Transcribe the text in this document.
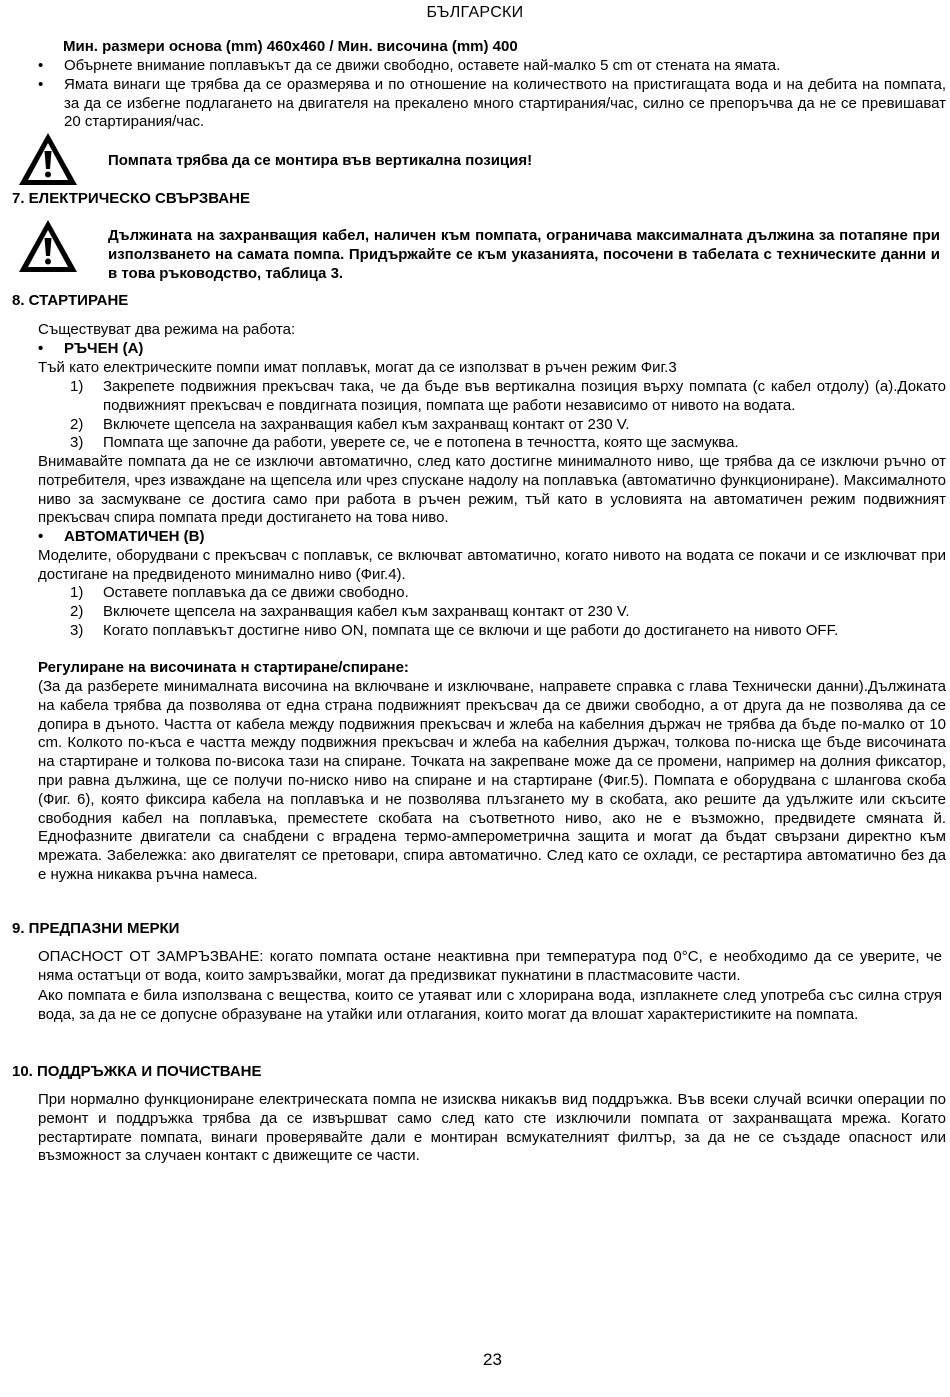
БЪЛГАРСКИ
Мин. размери основа (mm) 460x460 / Мин. височина (mm) 400
• Обърнете внимание поплавъкът да се движи свободно, оставете най-малко 5 cm от стената на ямата.

• Ямата винаги ще трябва да се оразмерява и по отношение на количеството на пристигащата вода и на дебита на помпата, за да се избегне подлагането на двигателя на прекалено много стартирания/час, силно се препоръчва да не се превишават 20 стартирания/час.

Помпата трябва да се монтира във вертикална позиция!
7. ЕЛЕКТРИЧЕСКО СВЪРЗВАНЕ
Дължината на захранващия кабел, наличен към помпата, ограничава максималната дължина за потапяне при използването на самата помпа. Придържайте се към указанията, посочени в табелата с техническите данни и в това ръководство, таблица 3.
8. СТАРТИРАНЕ
Съществуват два режима на работа:
• РЪЧЕН (A)
Тъй като електрическите помпи имат поплавък, могат да се използват в ръчен режим Фиг.3
1) Закрепете подвижния прекъсвач така, че да бъде във вертикална позиция върху помпата (с кабел отдолу) (a).Докато подвижният прекъсвач е повдигната позиция, помпата ще работи независимо от нивото на водата.

2) Включете щепсела на захранващия кабел към захранващ контакт от 230 V.

3) Помпата ще започне да работи, уверете се, че е потопена в течността, която ще засмуква.

Внимавайте помпата да не се изключи автоматично, след като достигне минималното ниво, ще трябва да се изключи ръчно от потребителя, чрез изваждане на щепсела или чрез спускане надолу на поплавъка (автоматично функциониране). Максималното ниво за засмукване се достига само при работа в ръчен режим, тъй като в условията на автоматичен режим подвижният прекъсвач спира помпата преди достигането на това ниво.
• АВТОМАТИЧЕН (B)
Моделите, оборудвани с прекъсвач с поплавък, се включват автоматично, когато нивото на водата се покачи и се изключват при достигане на предвиденото минимално ниво (Фиг.4).
1) Оставете поплавъка да се движи свободно.

2) Включете щепсела на захранващия кабел към захранващ контакт от 230 V.

3) Когато поплавъкът достигне ниво ON, помпата ще се включи и ще работи до достигането на нивото OFF.

Регулиране на височината н стартиране/спиране:
(За да разберете минималната височина на включване и изключване, направете справка с глава Технически данни).Дължината на кабела трябва да позволява от една страна подвижният прекъсвач да се движи свободно, а от друга да не позволява да се допира в дъното. Частта от кабела между подвижния прекъсвач и жлеба на кабелния държач не трябва да бъде по-малко от 10 cm. Колкото по-къса е частта между подвижния прекъсвач и жлеба на кабелния държач, толкова по-ниска ще бъде височината на стартиране и толкова по-висока тази на спиране. Точката на закрепване може да се промени, например на долния фиксатор, при равна дължина, ще се получи по-ниско ниво на спиране и на стартиране (Фиг.5). Помпата е оборудвана с шлангова скоба (Фиг. 6), която фиксира кабела на поплавъка и не позволява плъзгането му в скобата, ако решите да удължите или скъсите свободния кабел на поплавъка, преместете скобата на съответното ниво, ако не е възможно, предвидете смяната й. Еднофазните двигатели са снабдени с вградена термо-амперометрична защита и могат да бъдат свързани директно към мрежата. Забележка: ако двигателят се претовари, спира автоматично. След като се охлади, се рестартира автоматично без да е нужна никаква ръчна намеса.
9. ПРЕДПАЗНИ МЕРКИ
ОПАСНОСТ ОТ ЗАМРЪЗВАНЕ: когато помпата остане неактивна при температура под 0°C, е необходимо да се уверите, че няма остатъци от вода, които замръзвайки, могат да предизвикат пукнатини в пластмасовите части.
Ако помпата е била използвана с вещества, които се утаяват или с хлорирана вода, изплакнете след употреба със силна струя вода, за да не се допусне образуване на утайки или отлагания, които могат да влошат характеристиките на помпата.
10. ПОДДРЪЖКА И ПОЧИСТВАНЕ
При нормално функциониране електрическата помпа не изисква никакъв вид поддръжка. Във всеки случай всички операции по ремонт и поддръжка трябва да се извършват само след като сте изключили помпата от захранващата мрежа. Когато рестартирате помпата, винаги проверявайте дали е монтиран всмукателният филтър, за да не се създаде опасност или възможност за случаен контакт с движещите се части.
23
